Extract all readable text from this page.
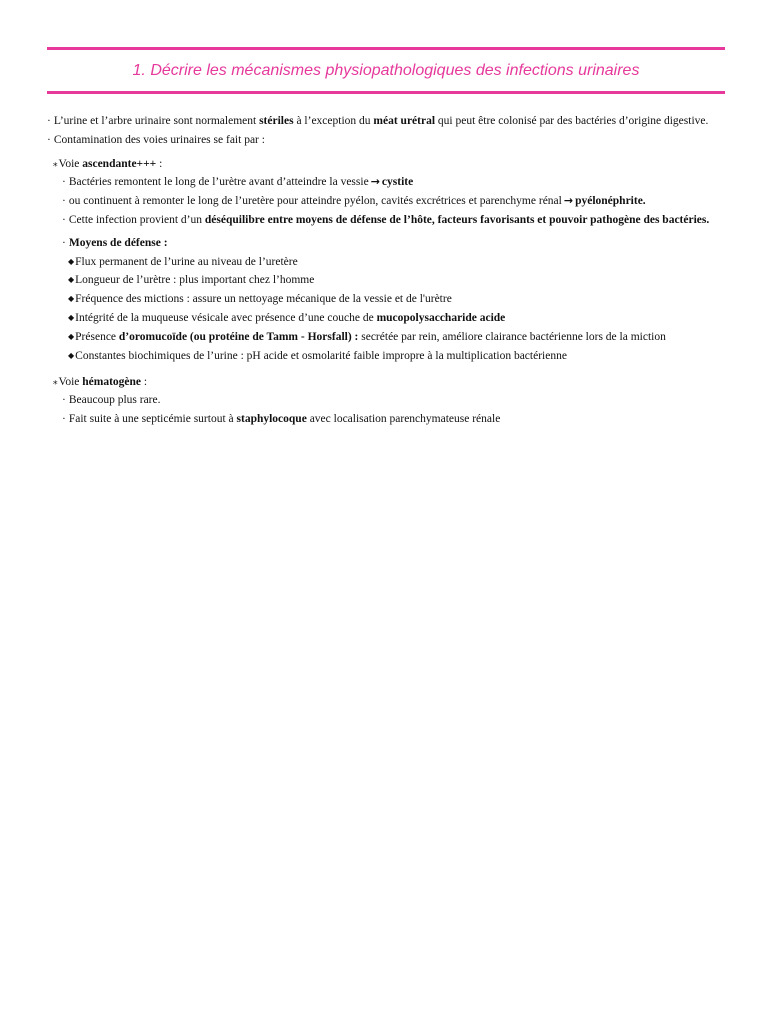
1. Décrire les mécanismes physiopathologiques des infections urinaires
· L’urine et l’arbre urinaire sont normalement stériles à l’exception du méat urétral qui peut être colonisé par des bactéries d’origine digestive.
· Contamination des voies urinaires se fait par :
⁎Voie ascendante+++ :
· Bactéries remontent le long de l’urètre avant d’atteindre la vessie → cystite
· ou continuent à remonter le long de l’uretère pour atteindre pyélon, cavités excrétrices et parenchyme rénal → pyélonéphrite.
· Cette infection provient d’un déséquilibre entre moyens de défense de l’hôte, facteurs favorisants et pouvoir pathogène des bactéries.
· Moyens de défense :
◆Flux permanent de l’urine au niveau de l’uretère
◆Longueur de l’urètre : plus important chez l’homme
◆Fréquence des mictions : assure un nettoyage mécanique de la vessie et de l'urètre
◆Intégrité de la muqueuse vésicale avec présence d’une couche de mucopolysaccharide acide
◆Présence d’oromucoïde (ou protéine de Tamm - Horsfall) : secrétée par rein, améliore clairance bactérienne lors de la miction
◆Constantes biochimiques de l’urine : pH acide et osmolarité faible impropre à la multiplication bactérienne
⁎Voie hématogène :
· Beaucoup plus rare.
· Fait suite à une septicémie surtout à staphylocoque avec localisation parenchymateuse rénale
